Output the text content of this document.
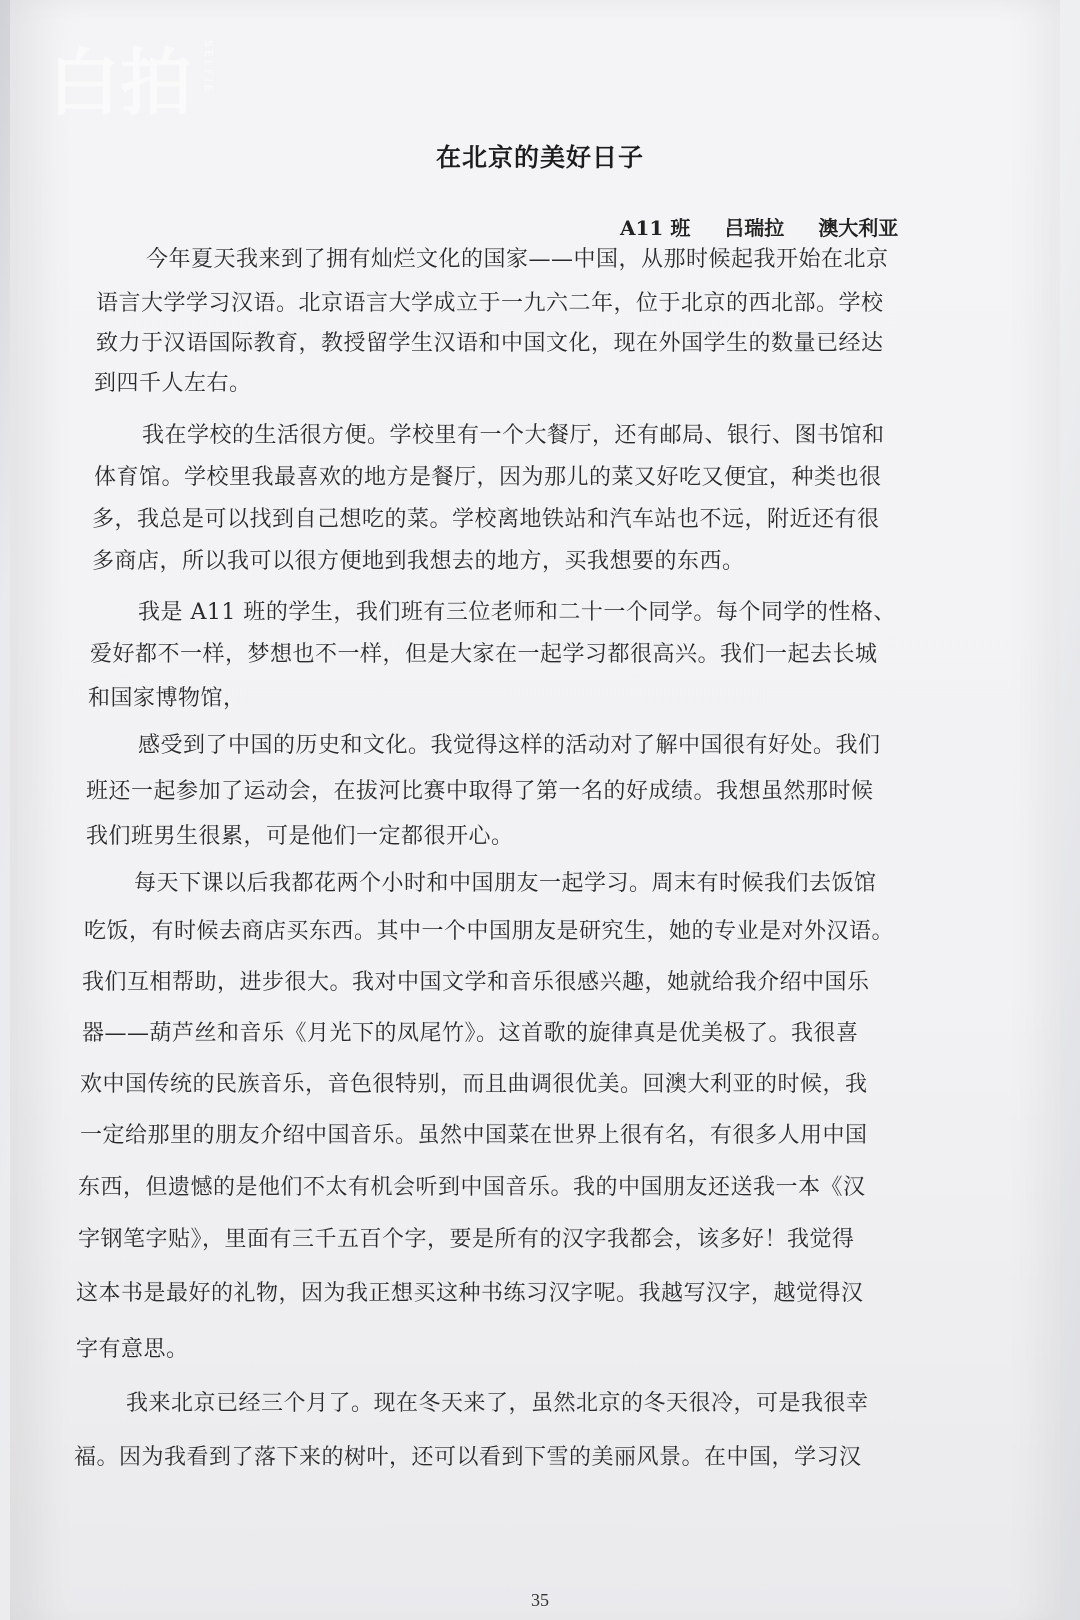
白拍 SELFIE
在北京的美好日子
A11 班 吕瑞拉 澳大利亚
今年夏天我来到了拥有灿烂文化的国家——中国，从那时候起我开始在北京
语言大学学习汉语。北京语言大学成立于一九六二年，位于北京的西北部。学校
致力于汉语国际教育，教授留学生汉语和中国文化，现在外国学生的数量已经达
到四千人左右。
我在学校的生活很方便。学校里有一个大餐厅，还有邮局、银行、图书馆和
体育馆。学校里我最喜欢的地方是餐厅，因为那儿的菜又好吃又便宜，种类也很
多，我总是可以找到自己想吃的菜。学校离地铁站和汽车站也不远，附近还有很
多商店，所以我可以很方便地到我想去的地方，买我想要的东西。
我是 A11 班的学生，我们班有三位老师和二十一个同学。每个同学的性格、
爱好都不一样，梦想也不一样，但是大家在一起学习都很高兴。我们一起去长城
和国家博物馆，
感受到了中国的历史和文化。我觉得这样的活动对了解中国很有好处。我们
班还一起参加了运动会，在拔河比赛中取得了第一名的好成绩。我想虽然那时候
我们班男生很累，可是他们一定都很开心。
每天下课以后我都花两个小时和中国朋友一起学习。周末有时候我们去饭馆
吃饭，有时候去商店买东西。其中一个中国朋友是研究生，她的专业是对外汉语。
我们互相帮助，进步很大。我对中国文学和音乐很感兴趣，她就给我介绍中国乐
器——葫芦丝和音乐《月光下的凤尾竹》。这首歌的旋律真是优美极了。我很喜
欢中国传统的民族音乐，音色很特别，而且曲调很优美。回澳大利亚的时候，我
一定给那里的朋友介绍中国音乐。虽然中国菜在世界上很有名，有很多人用中国
东西，但遗憾的是他们不太有机会听到中国音乐。我的中国朋友还送我一本《汉
字钢笔字贴》，里面有三千五百个字，要是所有的汉字我都会，该多好！我觉得
这本书是最好的礼物，因为我正想买这种书练习汉字呢。我越写汉字，越觉得汉
字有意思。
我来北京已经三个月了。现在冬天来了，虽然北京的冬天很冷，可是我很幸
福。因为我看到了落下来的树叶，还可以看到下雪的美丽风景。在中国，学习汉
35
